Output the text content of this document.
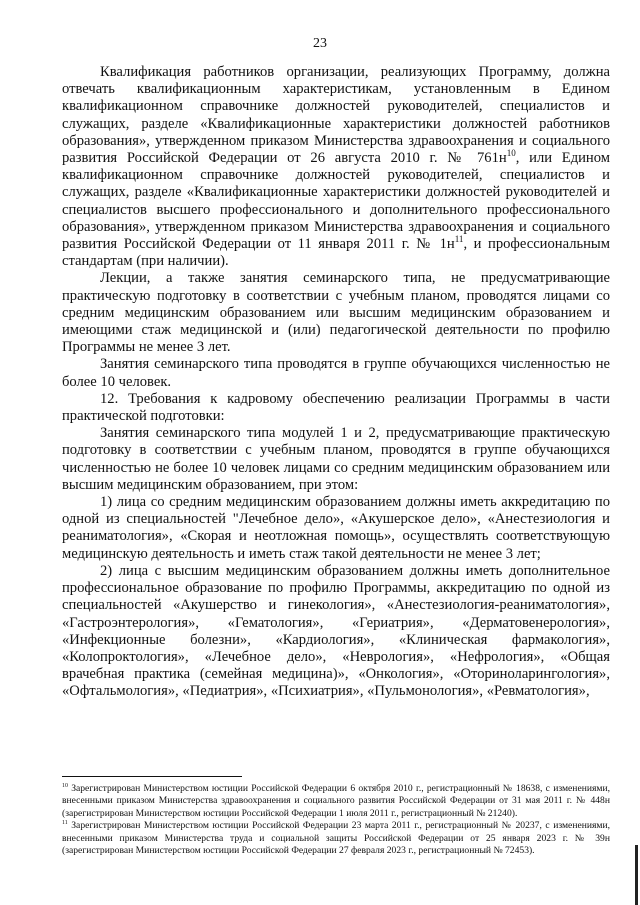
23

Квалификация работников организации, реализующих Программу, должна отвечать квалификационным характеристикам, установленным в Едином квалификационном справочнике должностей руководителей, специалистов и служащих, разделе «Квалификационные характеристики должностей работников образования», утвержденном приказом Министерства здравоохранения и социального развития Российской Федерации от 26 августа 2010 г. № $761н^{10}$, или Едином квалификационном справочнике должностей руководителей, специалистов и служащих, разделе «Квалификационные характеристики должностей руководителей и специалистов высшего профессионального и дополнительного профессионального образования», утвержденном приказом Министерства здравоохранения и социального развития Российской Федерации от 11 января 2011 г. № $1н^{11}$, и профессиональным стандартам (при наличии).

Лекции, а также занятия семинарского типа, не предусматривающие практическую подготовку в соответствии с учебным планом, проводятся лицами со средним медицинским образованием или высшим медицинским образованием и имеющими стаж медицинской и (или) педагогической деятельности по профилю Программы не менее 3 лет.

Занятия семинарского типа проводятся в группе обучающихся численностью не более 10 человек.

12. Требования к кадровому обеспечению реализации Программы в части практической подготовки:

Занятия семинарского типа модулей 1 и 2, предусматривающие практическую подготовку в соответствии с учебным планом, проводятся в группе обучающихся численностью не более 10 человек лицами со средним медицинским образованием или высшим медицинским образованием, при этом:

1) лица со средним медицинским образованием должны иметь аккредитацию по одной из специальностей "Лечебное дело», «Акушерское дело», «Анестезиология и реаниматология», «Скорая и неотложная помощь», осуществлять соответствующую медицинскую деятельность и иметь стаж такой деятельности не менее 3 лет;

2) лица с высшим медицинским образованием должны иметь дополнительное профессиональное образование по профилю Программы, аккредитацию по одной из специальностей «Акушерство и гинекология», «Анестезиология-реаниматология», «Гастроэнтерология», «Гематология», «Гериатрия», «Дерматовенерология», «Инфекционные болезни», «Кардиология», «Клиническая фармакология», «Колопроктология», «Лечебное дело», «Неврология», «Нефрология», «Общая врачебная практика (семейная медицина)», «Онкология», «Оториноларингология», «Офтальмология», «Педиатрия», «Психиатрия», «Пульмонология», «Ревматология»,

$^{10}$ Зарегистрирован Министерством юстиции Российской Федерации 6 октября 2010 г., регистрационный № 18638, с изменениями, внесенными приказом Министерства здравоохранения и социального развития Российской Федерации от 31 мая 2011 г. № 448н (зарегистрирован Министерством юстиции Российской Федерации 1 июля 2011 г., регистрационный № 21240).

$^{11}$ Зарегистрирован Министерством юстиции Российской Федерации 23 марта 2011 г., регистрационный № 20237, с изменениями, внесенными приказом Министерства труда и социальной защиты Российской Федерации от 25 января 2023 г. № 39н (зарегистрирован Министерством юстиции Российской Федерации 27 февраля 2023 г., регистрационный № 72453).
